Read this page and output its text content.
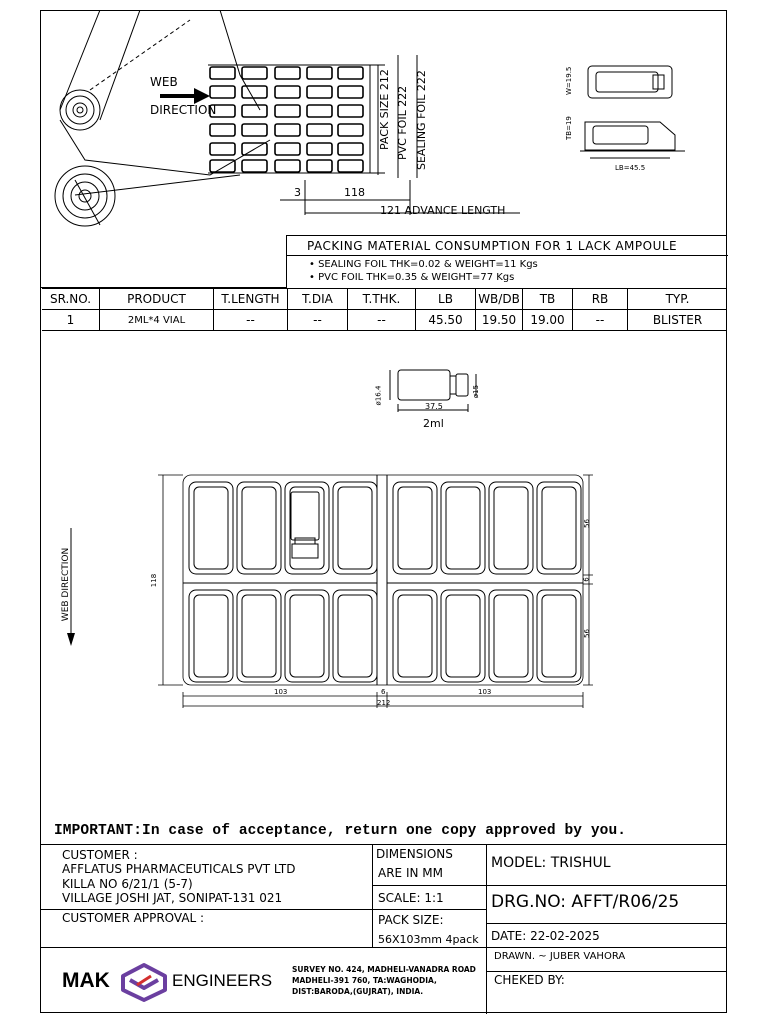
WEB
DIRECTION
3	118
121 ADVANCE LENGTH
PACK SIZE 212 PVC FOIL 222 SEALING FOIL 222	W=19.5
TB=19
LB=45.5
PACKING MATERIAL CONSUMPTION FOR 1 LACK AMPOULE
• SEALING FOIL THK=0.02 & WEIGHT=11 Kgs
• PVC FOIL THK=0.35 & WEIGHT=77 Kgs
SR.NO.	PRODUCT	T.LENGTH	T.DIA	T.THK.	LB	WB/DB	TB	RB	TYP.
1	2ML*4 VIAL	--	--	--	45.50	19.50	19.00	--	BLISTER
ø16.4	ø15
37.5
2ml
WEB DIRECTION	118
56
6
56
103	6	103
212
IMPORTANT:In case of acceptance, return one copy approved by you.
CUSTOMER :
AFFLATUS PHARMACEUTICALS PVT LTD
KILLA NO 6/21/1 (5-7)
VILLAGE JOSHI JAT, SONIPAT-131 021
CUSTOMER APPROVAL :
DIMENSIONS
ARE IN MM
SCALE: 1:1
PACK SIZE:
56X103mm 4pack
MODEL: TRISHUL
DRG.NO: AFFT/R06/25
DATE: 22-02-2025
DRAWN. ~ JUBER VAHORA
CHEKED BY:
MAK	ENGINEERS
SURVEY NO. 424, MADHELI-VANADRA ROAD
MADHELI-391 760, TA:WAGHODIA,
DIST:BARODA,(GUJRAT), INDIA.
